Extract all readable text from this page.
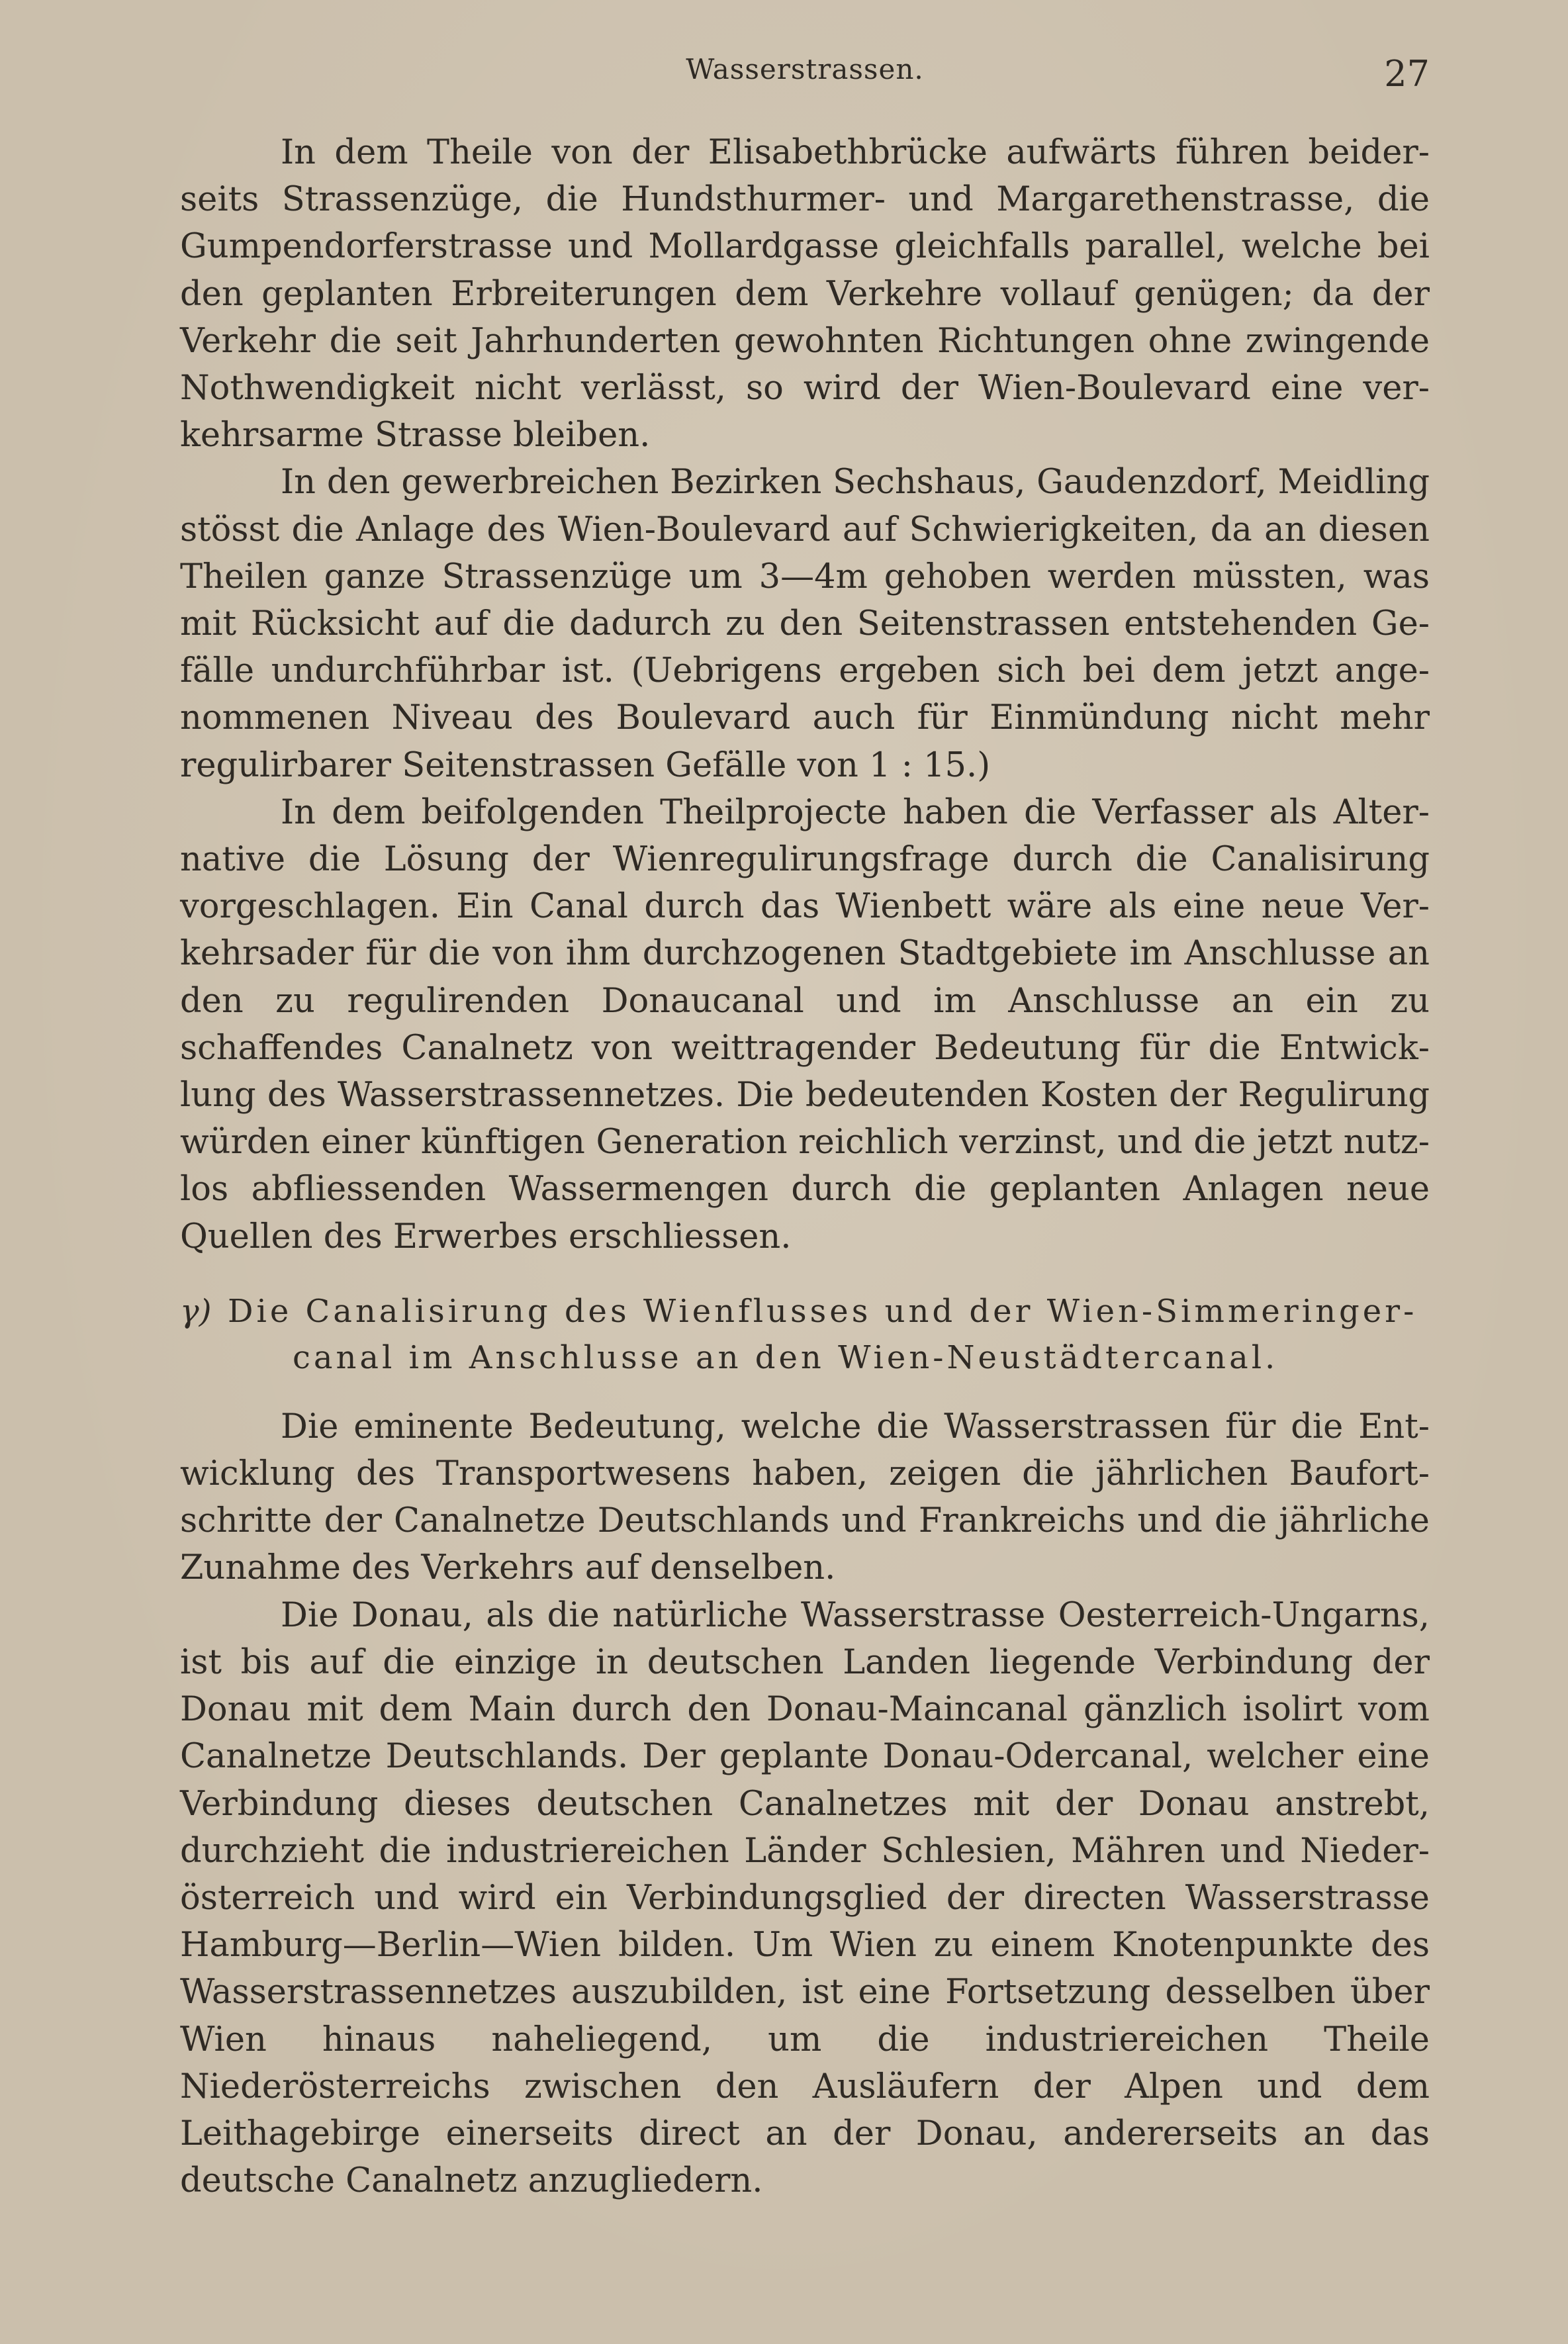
Wasserstrassen.	27

In dem Theile von der Elisabethbrücke aufwärts führen beiderseits Strassenzüge, die Hundsthurmer- und Margarethenstrasse, die Gumpendorferstrasse und Mollardgasse gleichfalls parallel, welche bei den geplanten Erbreiterungen dem Verkehre vollauf genügen; da der Verkehr die seit Jahrhunderten gewohnten Richtungen ohne zwingende Nothwendigkeit nicht verlässt, so wird der Wien-Boulevard eine verkehrsarme Strasse bleiben.

In den gewerbreichen Bezirken Sechshaus, Gaudenzdorf, Meidling stösst die Anlage des Wien-Boulevard auf Schwierigkeiten, da an diesen Theilen ganze Strassenzüge um 3—4m gehoben werden müssten, was mit Rücksicht auf die dadurch zu den Seitenstrassen entstehenden Gefälle undurchführbar ist. (Uebrigens ergeben sich bei dem jetzt angenommenen Niveau des Boulevard auch für Einmündung nicht mehr regulirbarer Seitenstrassen Gefälle von 1 : 15.)

In dem beifolgenden Theilprojecte haben die Verfasser als Alternative die Lösung der Wienregulirungsfrage durch die Canalisirung vorgeschlagen. Ein Canal durch das Wienbett wäre als eine neue Verkehrsader für die von ihm durchzogenen Stadtgebiete im Anschlusse an den zu regulirenden Donaucanal und im Anschlusse an ein zu schaffendes Canalnetz von weittragender Bedeutung für die Entwicklung des Wasserstrassennetzes. Die bedeutenden Kosten der Regulirung würden einer künftigen Generation reichlich verzinst, und die jetzt nutzlos abfliessenden Wassermengen durch die geplanten Anlagen neue Quellen des Erwerbes erschliessen.

γ) Die Canalisirung des Wienflusses und der Wien-Simmeringer-
canal im Anschlusse an den Wien-Neustädtercanal.

Die eminente Bedeutung, welche die Wasserstrassen für die Entwicklung des Transportwesens haben, zeigen die jährlichen Baufortschritte der Canalnetze Deutschlands und Frankreichs und die jährliche Zunahme des Verkehrs auf denselben.

Die Donau, als die natürliche Wasserstrasse Oesterreich-Ungarns, ist bis auf die einzige in deutschen Landen liegende Verbindung der Donau mit dem Main durch den Donau-Maincanal gänzlich isolirt vom Canalnetze Deutschlands. Der geplante Donau-Odercanal, welcher eine Verbindung dieses deutschen Canalnetzes mit der Donau anstrebt, durchzieht die industriereichen Länder Schlesien, Mähren und Niederösterreich und wird ein Verbindungsglied der directen Wasserstrasse Hamburg—Berlin—Wien bilden. Um Wien zu einem Knotenpunkte des Wasserstrassennetzes auszubilden, ist eine Fortsetzung desselben über Wien hinaus naheliegend, um die industriereichen Theile Niederösterreichs zwischen den Ausläufern der Alpen und dem Leithagebirge einerseits direct an der Donau, andererseits an das deutsche Canalnetz anzugliedern.
